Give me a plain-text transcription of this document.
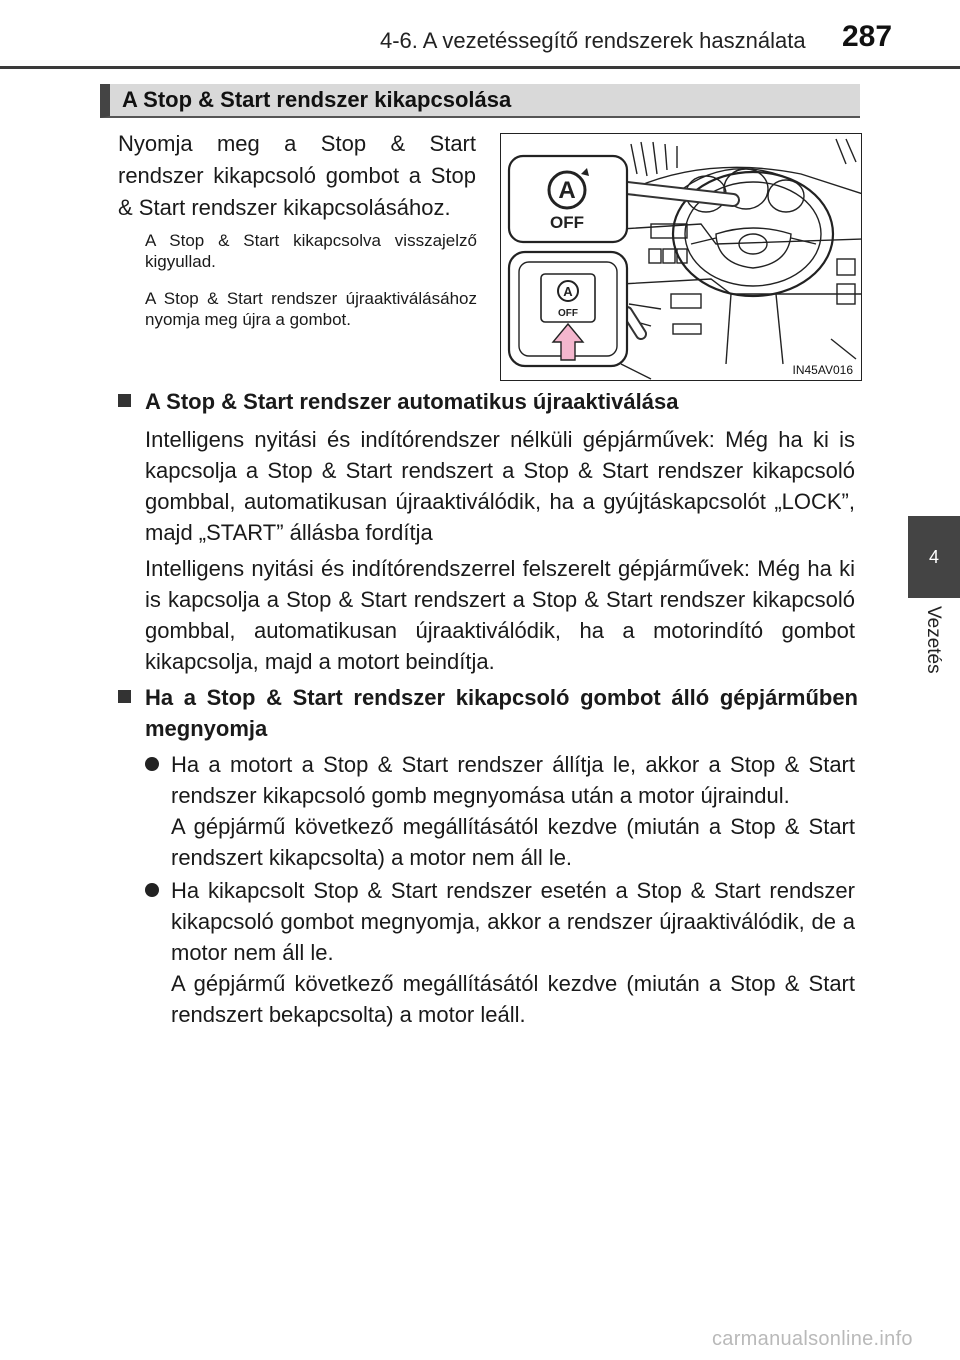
4-6. A vezetéssegítő rendszerek használata	287
4
Vezetés
A Stop & Start rendszer kikapcsolása

Nyomja meg a Stop & Start rendszer kikapcsoló gombot a Stop & Start rendszer kikapcsolásához.

A Stop & Start kikapcsolva visszajelző kigyullad.

A Stop & Start rendszer újraaktiválásához nyomja meg újra a gombot.

A
OFF
A
OFF
IN45AV016
A Stop & Start rendszer automatikus újraaktiválása

Intelligens nyitási és indítórendszer nélküli gépjárművek: Még ha ki is kapcsolja a Stop & Start rendszert a Stop & Start rendszer kikapcsoló gombbal, automatikusan újraaktiválódik, ha a gyújtáskapcsolót „LOCK”, majd „START” állásba fordítja

Intelligens nyitási és indítórendszerrel felszerelt gépjárművek: Még ha ki is kapcsolja a Stop & Start rendszert a Stop & Start rendszer kikapcsoló gombbal, automatikusan újraaktiválódik, ha a motorindító gombot kikapcsolja, majd a motort beindítja.

Ha a Stop & Start rendszer kikapcsoló gombot álló gépjárműben megnyomja

Ha a motort a Stop & Start rendszer állítja le, akkor a Stop & Start rendszer kikapcsoló gomb megnyomása után a motor újraindul.

A gépjármű következő megállításától kezdve (miután a Stop & Start rendszert kikapcsolta) a motor nem áll le.

Ha kikapcsolt Stop & Start rendszer esetén a Stop & Start rendszer kikapcsoló gombot megnyomja, akkor a rendszer újraaktiválódik, de a motor nem áll le.

A gépjármű következő megállításától kezdve (miután a Stop & Start rendszert bekapcsolta) a motor leáll.

carmanualsonline.info
